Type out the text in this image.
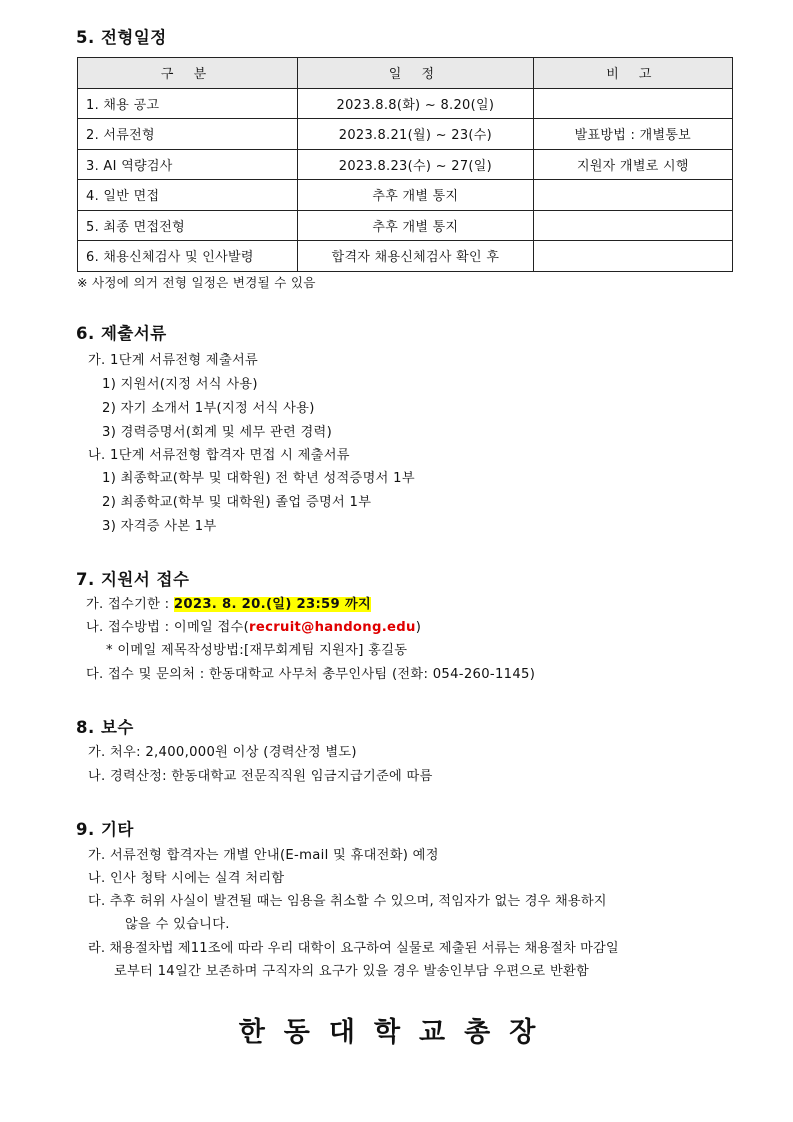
5. 전형일정
구 분	일 정	비 고
1. 채용 공고	2023.8.8(화) ~ 8.20(일)	
2. 서류전형	2023.8.21(월) ~ 23(수)	발표방법 : 개별통보
3. AI 역량검사	2023.8.23(수) ~ 27(일)	지원자 개별로 시행
4. 일반 면접	추후 개별 통지	
5. 최종 면접전형	추후 개별 통지	
6. 채용신체검사 및 인사발령	합격자 채용신체검사 확인 후	
※ 사정에 의거 전형 일정은 변경될 수 있음
6. 제출서류
가. 1단계 서류전형 제출서류
1) 지원서(지정 서식 사용)
2) 자기 소개서 1부(지정 서식 사용)
3) 경력증명서(회계 및 세무 관련 경력)
나. 1단계 서류전형 합격자 면접 시 제출서류
1) 최종학교(학부 및 대학원) 전 학년 성적증명서 1부
2) 최종학교(학부 및 대학원) 졸업 증명서 1부
3) 자격증 사본 1부
7. 지원서 접수
가. 접수기한 : 2023. 8. 20.(일) 23:59 까지
나. 접수방법 : 이메일 접수(recruit@handong.edu)
* 이메일 제목작성방법:[재무회계팀 지원자] 홍길동
다. 접수 및 문의처 : 한동대학교 사무처 총무인사팀 (전화: 054-260-1145)
8. 보수
가. 처우: 2,400,000원 이상 (경력산정 별도)
나. 경력산정: 한동대학교 전문직직원 임금지급기준에 따름
9. 기타
가. 서류전형 합격자는 개별 안내(E-mail 및 휴대전화) 예정
나. 인사 청탁 시에는 실격 처리함
다. 추후 허위 사실이 발견될 때는 임용을 취소할 수 있으며, 적임자가 없는 경우 채용하지
않을 수 있습니다.
라. 채용절차법 제11조에 따라 우리 대학이 요구하여 실물로 제출된 서류는 채용절차 마감일
로부터 14일간 보존하며 구직자의 요구가 있을 경우 발송인부담 우편으로 반환함
한동대학교총장
